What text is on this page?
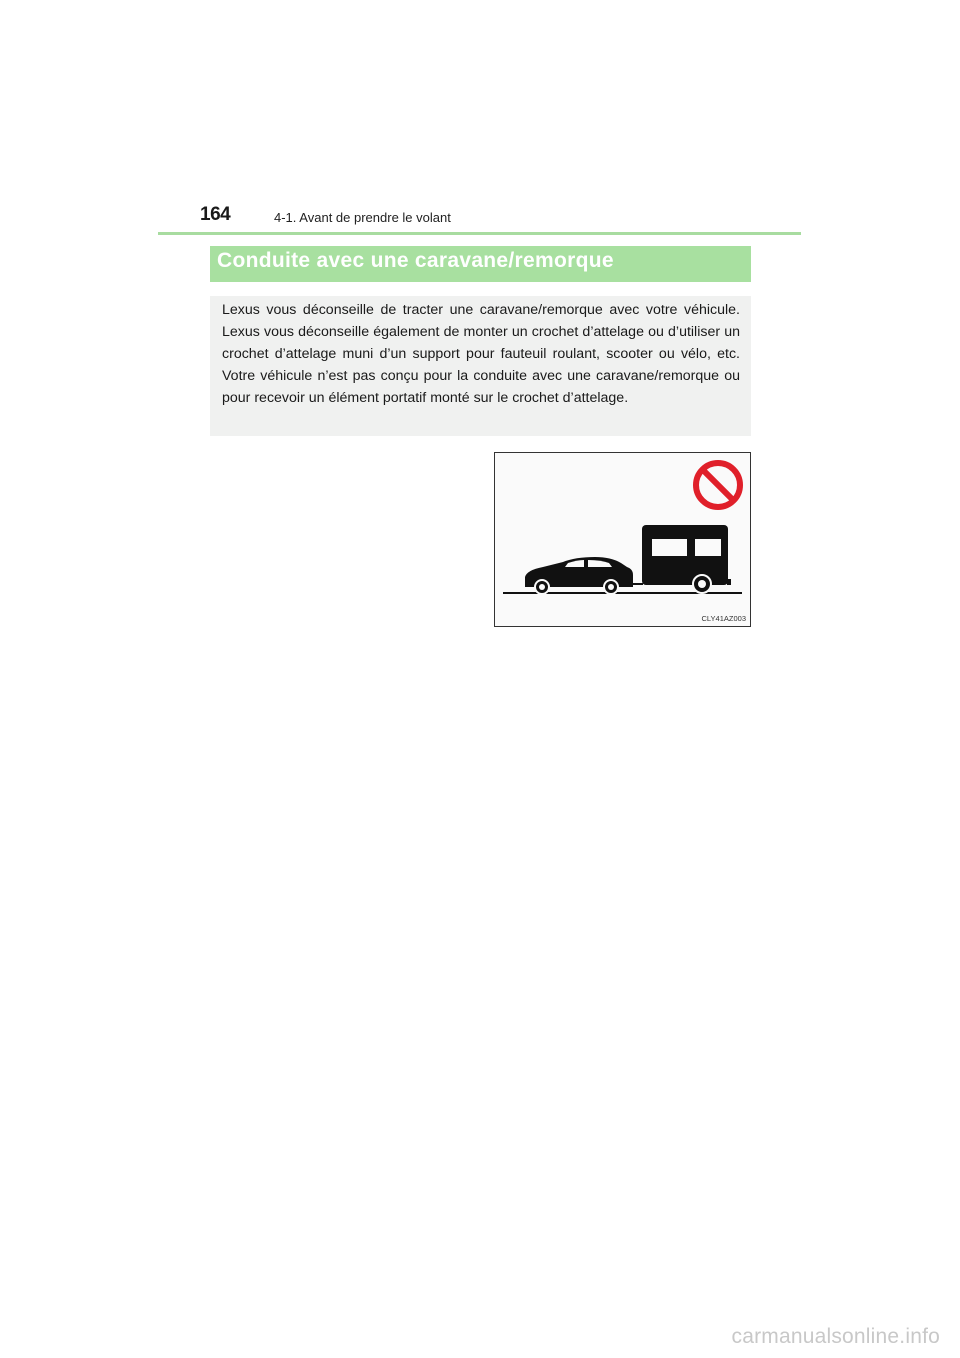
164	4-1. Avant de prendre le volant
Conduite avec une caravane/remorque

Lexus vous déconseille de tracter une caravane/remorque avec votre véhicule. Lexus vous déconseille également de monter un crochet d’attelage ou d’utiliser un crochet d’attelage muni d’un support pour fauteuil roulant, scooter ou vélo, etc. Votre véhicule n’est pas conçu pour la conduite avec une caravane/remorque ou pour recevoir un élément portatif monté sur le crochet d’attelage.

CLY41AZ003
carmanualsonline.info
